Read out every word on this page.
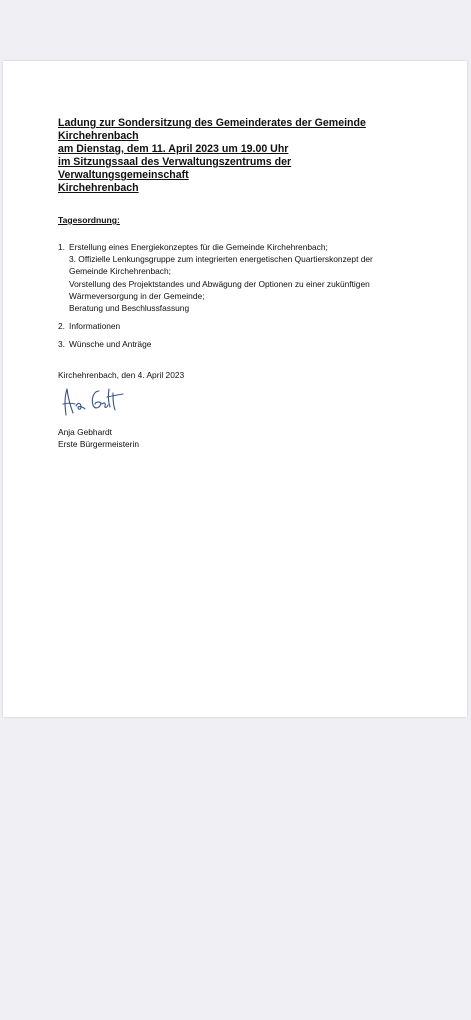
Ladung zur Sondersitzung des Gemeinderates der Gemeinde Kirchehrenbach
am Dienstag, dem 11. April 2023 um 19.00 Uhr
im Sitzungssaal des Verwaltungszentrums der Verwaltungsgemeinschaft
Kirchehrenbach
Tagesordnung:
1. Erstellung eines Energiekonzeptes für die Gemeinde Kirchehrenbach;
3. Offizielle Lenkungsgruppe zum integrierten energetischen Quartierskonzept der
Gemeinde Kirchehrenbach;
Vorstellung des Projektstandes und Abwägung der Optionen zu einer zukünftigen
Wärmeversorgung in der Gemeinde;
Beratung und Beschlussfassung
2. Informationen
3. Wünsche und Anträge
Kirchehrenbach, den 4. April 2023
Anja Gebhardt
Erste Bürgermeisterin
